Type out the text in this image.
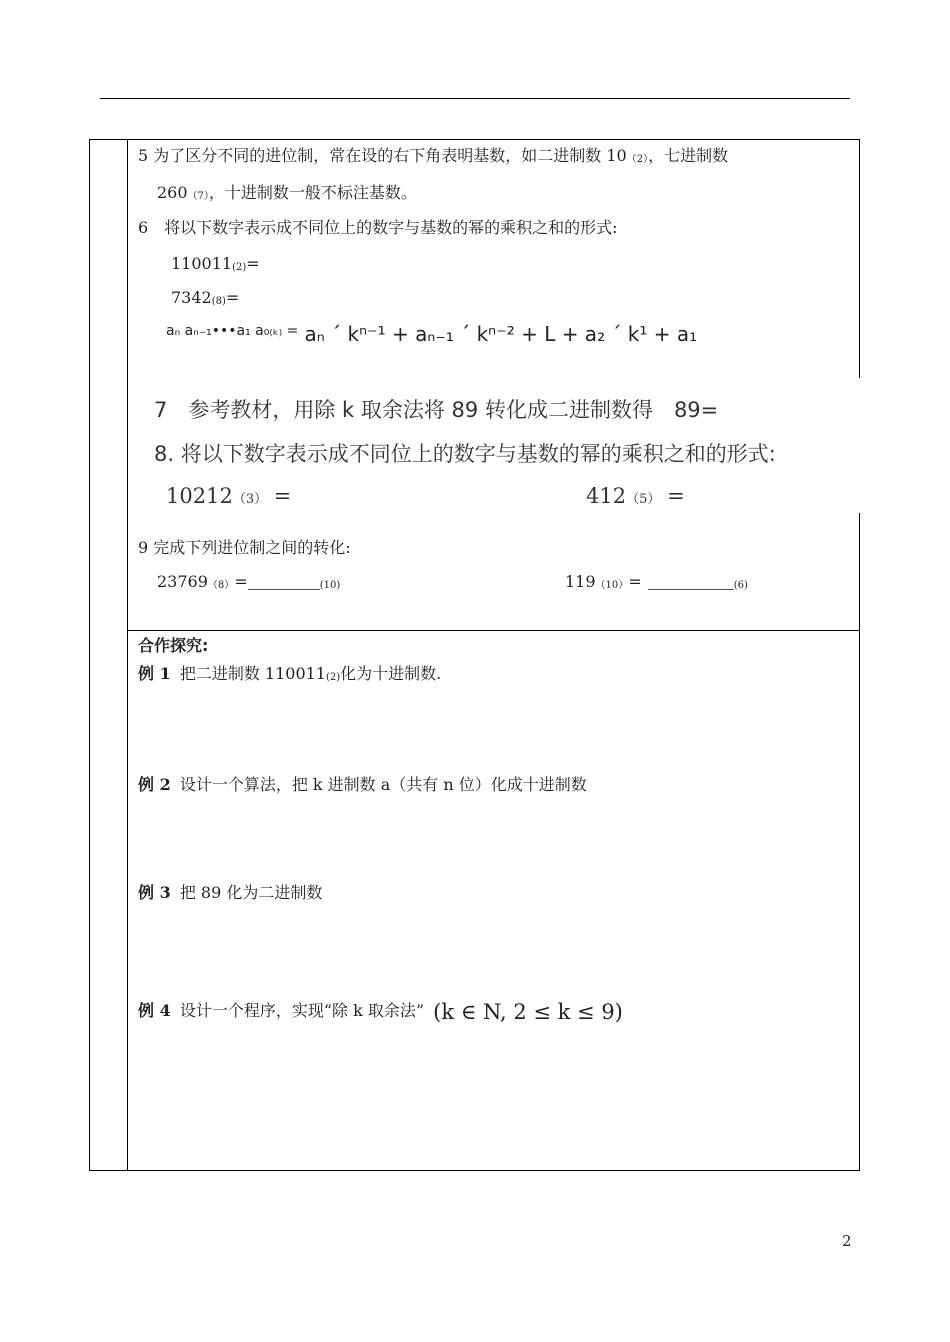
5 为了区分不同的进位制，常在设的右下角表明基数，如二进制数 10（2），七进制数
260（7），十进制数一般不标注基数。
6　将以下数字表示成不同位上的数字与基数的幂的乘积之和的形式:
110011(2)=
7342(8)=
aₙ aₙ₋₁•••a₁ a₀₍ₖ₎ = aₙ ´ kⁿ⁻¹ + aₙ₋₁ ´ kⁿ⁻² + L + a₂ ´ k¹ + a₁
7　参考教材，用除 k 取余法将 89 转化成二进制数得　89=
8. 将以下数字表示成不同位上的数字与基数的幂的乘积之和的形式:
10212（3） =	412（5） =
9 完成下列进位制之间的转化:
23769（8）=	(10)	119（10）=	(6)
合作探究:
例 1 把二进制数 110011(2)化为十进制数.
例 2 设计一个算法，把 k 进制数 a（共有 n 位）化成十进制数
例 3 把 89 化为二进制数
例 4 设计一个程序，实现“除 k 取余法” (k ∈ N, 2 ≤ k ≤ 9)
2
